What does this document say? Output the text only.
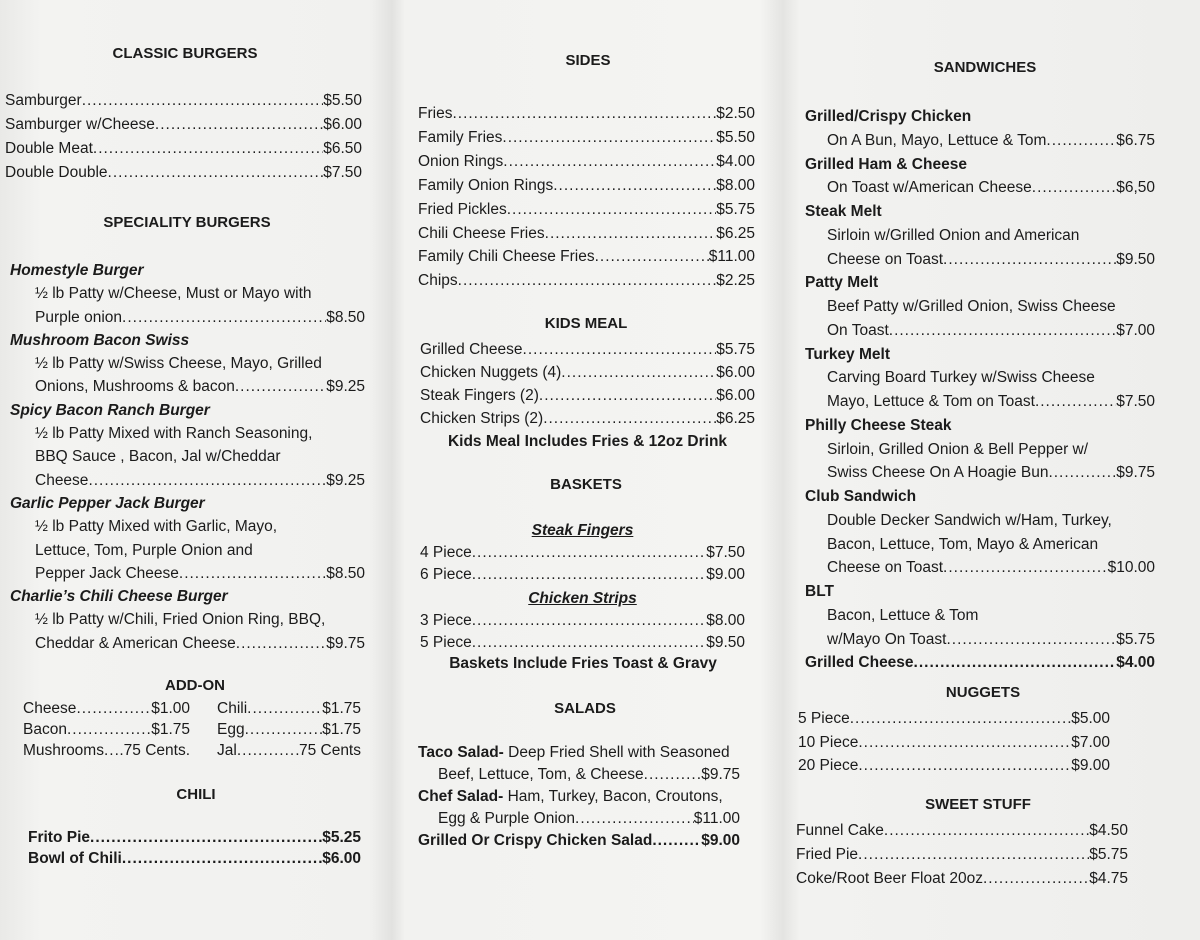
CLASSIC BURGERS
Samburger .....	$5.50
Samburger w/Cheese .....	$6.00
Double Meat .....	$6.50
Double Double .....	$7.50
SPECIALITY BURGERS
Homestyle Burger
½ lb Patty w/Cheese, Must or Mayo with
Purple onion .....	$8.50
Mushroom Bacon Swiss
½ lb Patty w/Swiss Cheese, Mayo, Grilled
Onions, Mushrooms & bacon .....	$9.25
Spicy Bacon Ranch Burger
½ lb Patty Mixed with Ranch Seasoning,
BBQ Sauce , Bacon, Jal w/Cheddar
Cheese .....	$9.25
Garlic Pepper Jack Burger
½ lb Patty Mixed with Garlic, Mayo,
Lettuce, Tom, Purple Onion and
Pepper Jack Cheese .....	$8.50
Charlie’s Chili Cheese Burger
½ lb Patty w/Chili, Fried Onion Ring, BBQ,
Cheddar & American Cheese .....	$9.75
ADD-ON
Cheese .....	$1.00 Chili .....	$1.75
Bacon .....	$1.75 Egg .....	$1.75
Mushrooms ..... .75 Cents. Jal .....	75 Cents
CHILI
Frito Pie .....	$5.25
Bowl of Chili .....	$6.00
SIDES
Fries .....	$2.50
Family Fries .....	$5.50
Onion Rings .....	$4.00
Family Onion Rings .....	$8.00
Fried Pickles .....	$5.75
Chili Cheese Fries .....	$6.25
Family Chili Cheese Fries .....	$11.00
Chips .....	$2.25
KIDS MEAL
Grilled Cheese .....	$5.75
Chicken Nuggets (4) .....	$6.00
Steak Fingers (2) .....	$6.00
Chicken Strips (2) .....	$6.25
Kids Meal Includes Fries & 12oz Drink
BASKETS
Steak Fingers
4 Piece .....	$7.50
6 Piece .....	$9.00
Chicken Strips
3 Piece .....	$8.00
5 Piece .....	$9.50
Baskets Include Fries Toast & Gravy
SALADS
Taco Salad- Deep Fried Shell with Seasoned
Beef, Lettuce, Tom, & Cheese .....	$9.75
Chef Salad- Ham, Turkey, Bacon, Croutons,
Egg & Purple Onion .....	$11.00
Grilled Or Crispy Chicken Salad .....	$9.00
SANDWICHES
Grilled/Crispy Chicken
On A Bun, Mayo, Lettuce & Tom .....	$6.75
Grilled Ham & Cheese
On Toast w/American Cheese .....	$6,50
Steak Melt
Sirloin w/Grilled Onion and American
Cheese on Toast .....	$9.50
Patty Melt
Beef Patty w/Grilled Onion, Swiss Cheese
On Toast .....	$7.00
Turkey Melt
Carving Board Turkey w/Swiss Cheese
Mayo, Lettuce & Tom on Toast .....	$7.50
Philly Cheese Steak
Sirloin, Grilled Onion & Bell Pepper w/
Swiss Cheese On A Hoagie Bun .....	$9.75
Club Sandwich
Double Decker Sandwich w/Ham, Turkey,
Bacon, Lettuce, Tom, Mayo & American
Cheese on Toast .....	$10.00
BLT
Bacon, Lettuce & Tom
w/Mayo On Toast .....	$5.75
Grilled Cheese .....	$4.00
NUGGETS
5 Piece .....	$5.00
10 Piece .....	$7.00
20 Piece .....	$9.00
SWEET STUFF
Funnel Cake .....	$4.50
Fried Pie .....	$5.75
Coke/Root Beer Float 20oz .....	$4.75
